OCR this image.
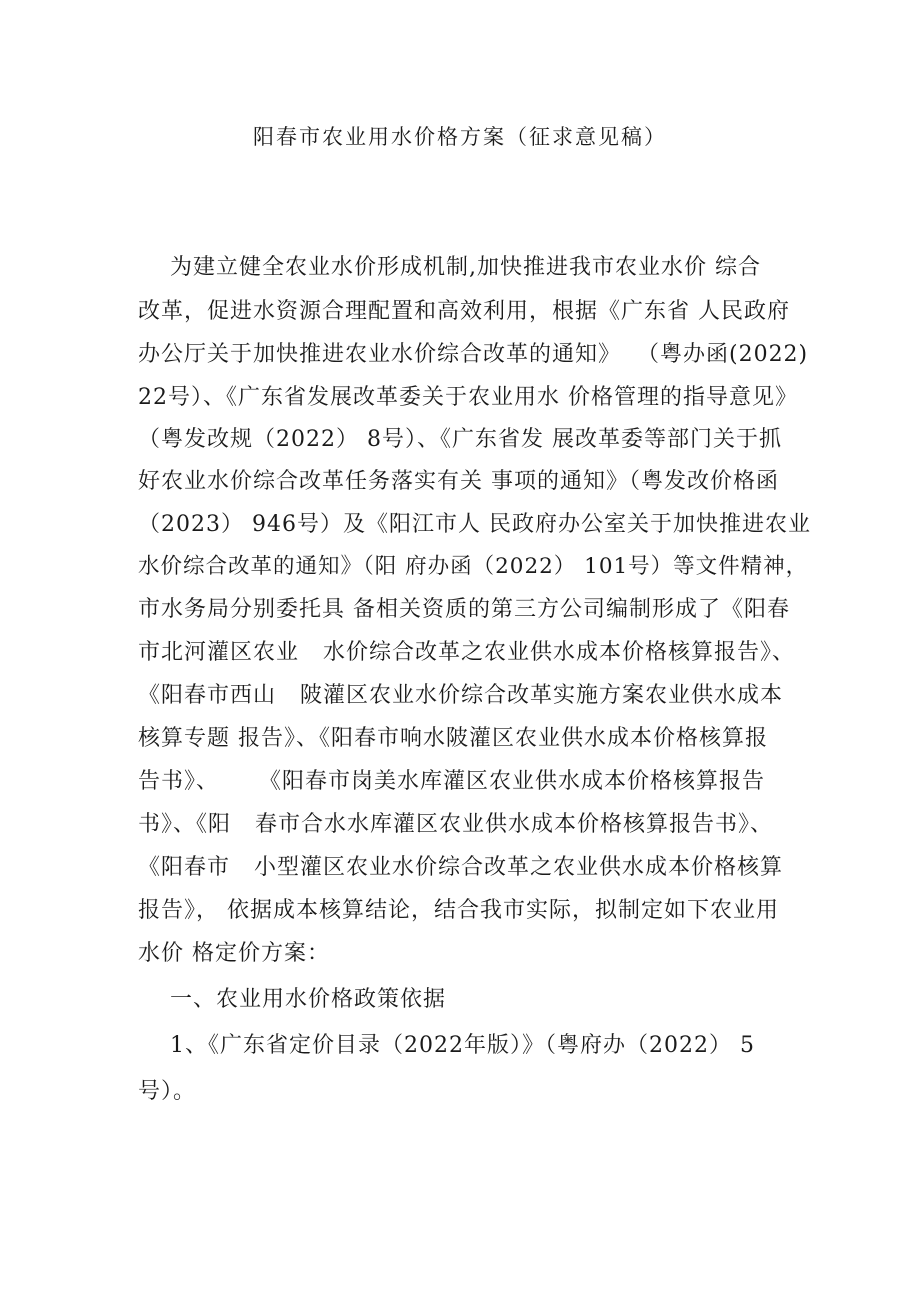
阳春市农业用水价格方案（征求意见稿）
为建立健全农业水价形成机制,加快推进我市农业水价 综合
改革，促进水资源合理配置和高效利用，根据《广东省 人民政府
办公厅关于加快推进农业水价综合改革的通知》  （粤办函(2022)
22号）、《广东省发展改革委关于农业用水 价格管理的指导意见》
（粤发改规（2022） 8号）、《广东省发 展改革委等部门关于抓
好农业水价综合改革任务落实有关 事项的通知》（粤发改价格函
（2023） 946号）及《阳江市人 民政府办公室关于加快推进农业
水价综合改革的通知》（阳 府办函（2022） 101号）等文件精神，
市水务局分别委托具 备相关资质的第三方公司编制形成了《阳春
市北河灌区农业   水价综合改革之农业供水成本价格核算报告》、
《阳春市西山   陂灌区农业水价综合改革实施方案农业供水成本
核算专题 报告》、《阳春市响水陂灌区农业供水成本价格核算报
告书》、     《阳春市岗美水库灌区农业供水成本价格核算报告
书》、《阳   春市合水水库灌区农业供水成本价格核算报告书》、
《阳春市   小型灌区农业水价综合改革之农业供水成本价格核算
报告》， 依据成本核算结论，结合我市实际，拟制定如下农业用
水价 格定价方案：
一、农业用水价格政策依据
1、《广东省定价目录（2022年版）》（粤府办（2022） 5
号）。
